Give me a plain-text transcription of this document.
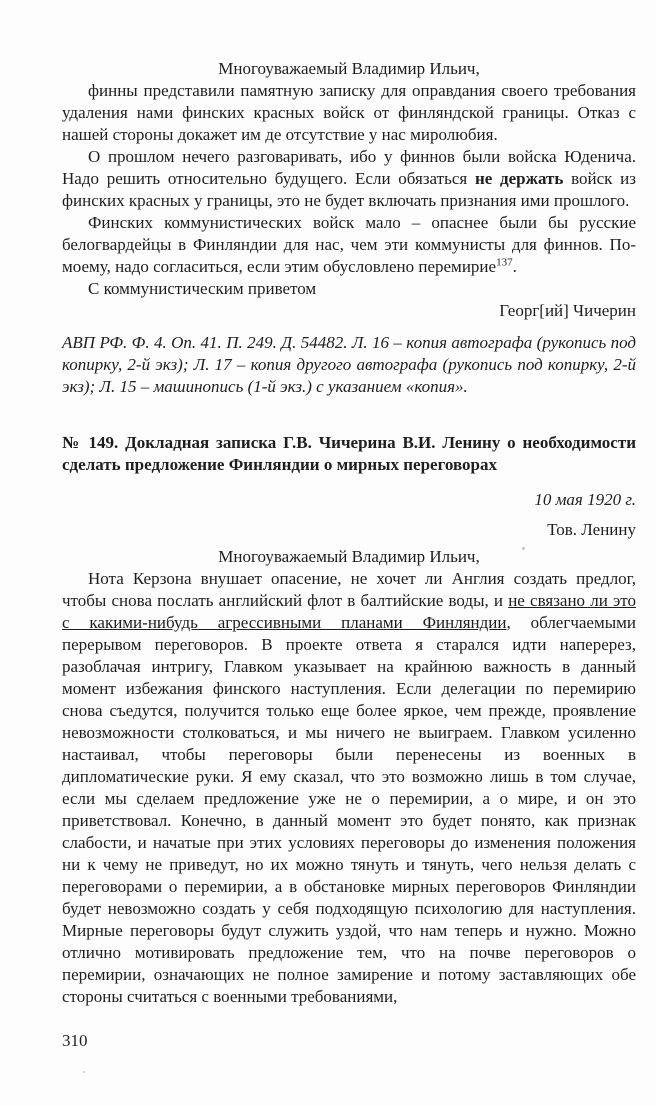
Многоуважаемый Владимир Ильич,

финны представили памятную записку для оправдания своего требования удаления нами финских красных войск от финляндской границы. Отказ с нашей стороны докажет им де отсутствие у нас миролюбия.

О прошлом нечего разговаривать, ибо у финнов были войска Юденича. Надо решить относительно будущего. Если обязаться не держать войск из финских красных у границы, это не будет включать признания ими прошлого.

Финских коммунистических войск мало – опаснее были бы русские белогвардейцы в Финляндии для нас, чем эти коммунисты для финнов. По-моему, надо согласиться, если этим обусловлено перемирие$^{137}$.

С коммунистическим приветом

Георг[ий] Чичерин

АВП РФ. Ф. 4. Оп. 41. П. 249. Д. 54482. Л. 16 – копия автографа (рукопись под копирку, 2-й экз); Л. 17 – копия другого автографа (рукопись под копирку, 2-й экз); Л. 15 – машинопись (1-й экз.) с указанием «копия».

№ 149. Докладная записка Г.В. Чичерина В.И. Ленину о необходимости сделать предложение Финляндии о мирных переговорах

10 мая 1920 г.

Тов. Ленину

Многоуважаемый Владимир Ильич,

Нота Керзона внушает опасение, не хочет ли Англия создать предлог, чтобы снова послать английский флот в балтийские воды, и не связано ли это с какими-нибудь агрессивными планами Финляндии, облегчаемыми перерывом переговоров. В проекте ответа я старался идти наперерез, разоблачая интригу, Главком указывает на крайнюю важность в данный момент избежания финского наступления. Если делегации по перемирию снова съедутся, получится только еще более яркое, чем прежде, проявление невозможности столковаться, и мы ничего не выиграем. Главком усиленно настаивал, чтобы переговоры были перенесены из военных в дипломатические руки. Я ему сказал, что это возможно лишь в том случае, если мы сделаем предложение уже не о перемирии, а о мире, и он это приветствовал. Конечно, в данный момент это будет понято, как признак слабости, и начатые при этих условиях переговоры до изменения положения ни к чему не приведут, но их можно тянуть и тянуть, чего нельзя делать с переговорами о перемирии, а в обстановке мирных переговоров Финляндии будет невозможно создать у себя подходящую психологию для наступления. Мирные переговоры будут служить уздой, что нам теперь и нужно. Можно отлично мотивировать предложение тем, что на почве переговоров о перемирии, означающих не полное замирение и потому заставляющих обе стороны считаться с военными требованиями,

310
